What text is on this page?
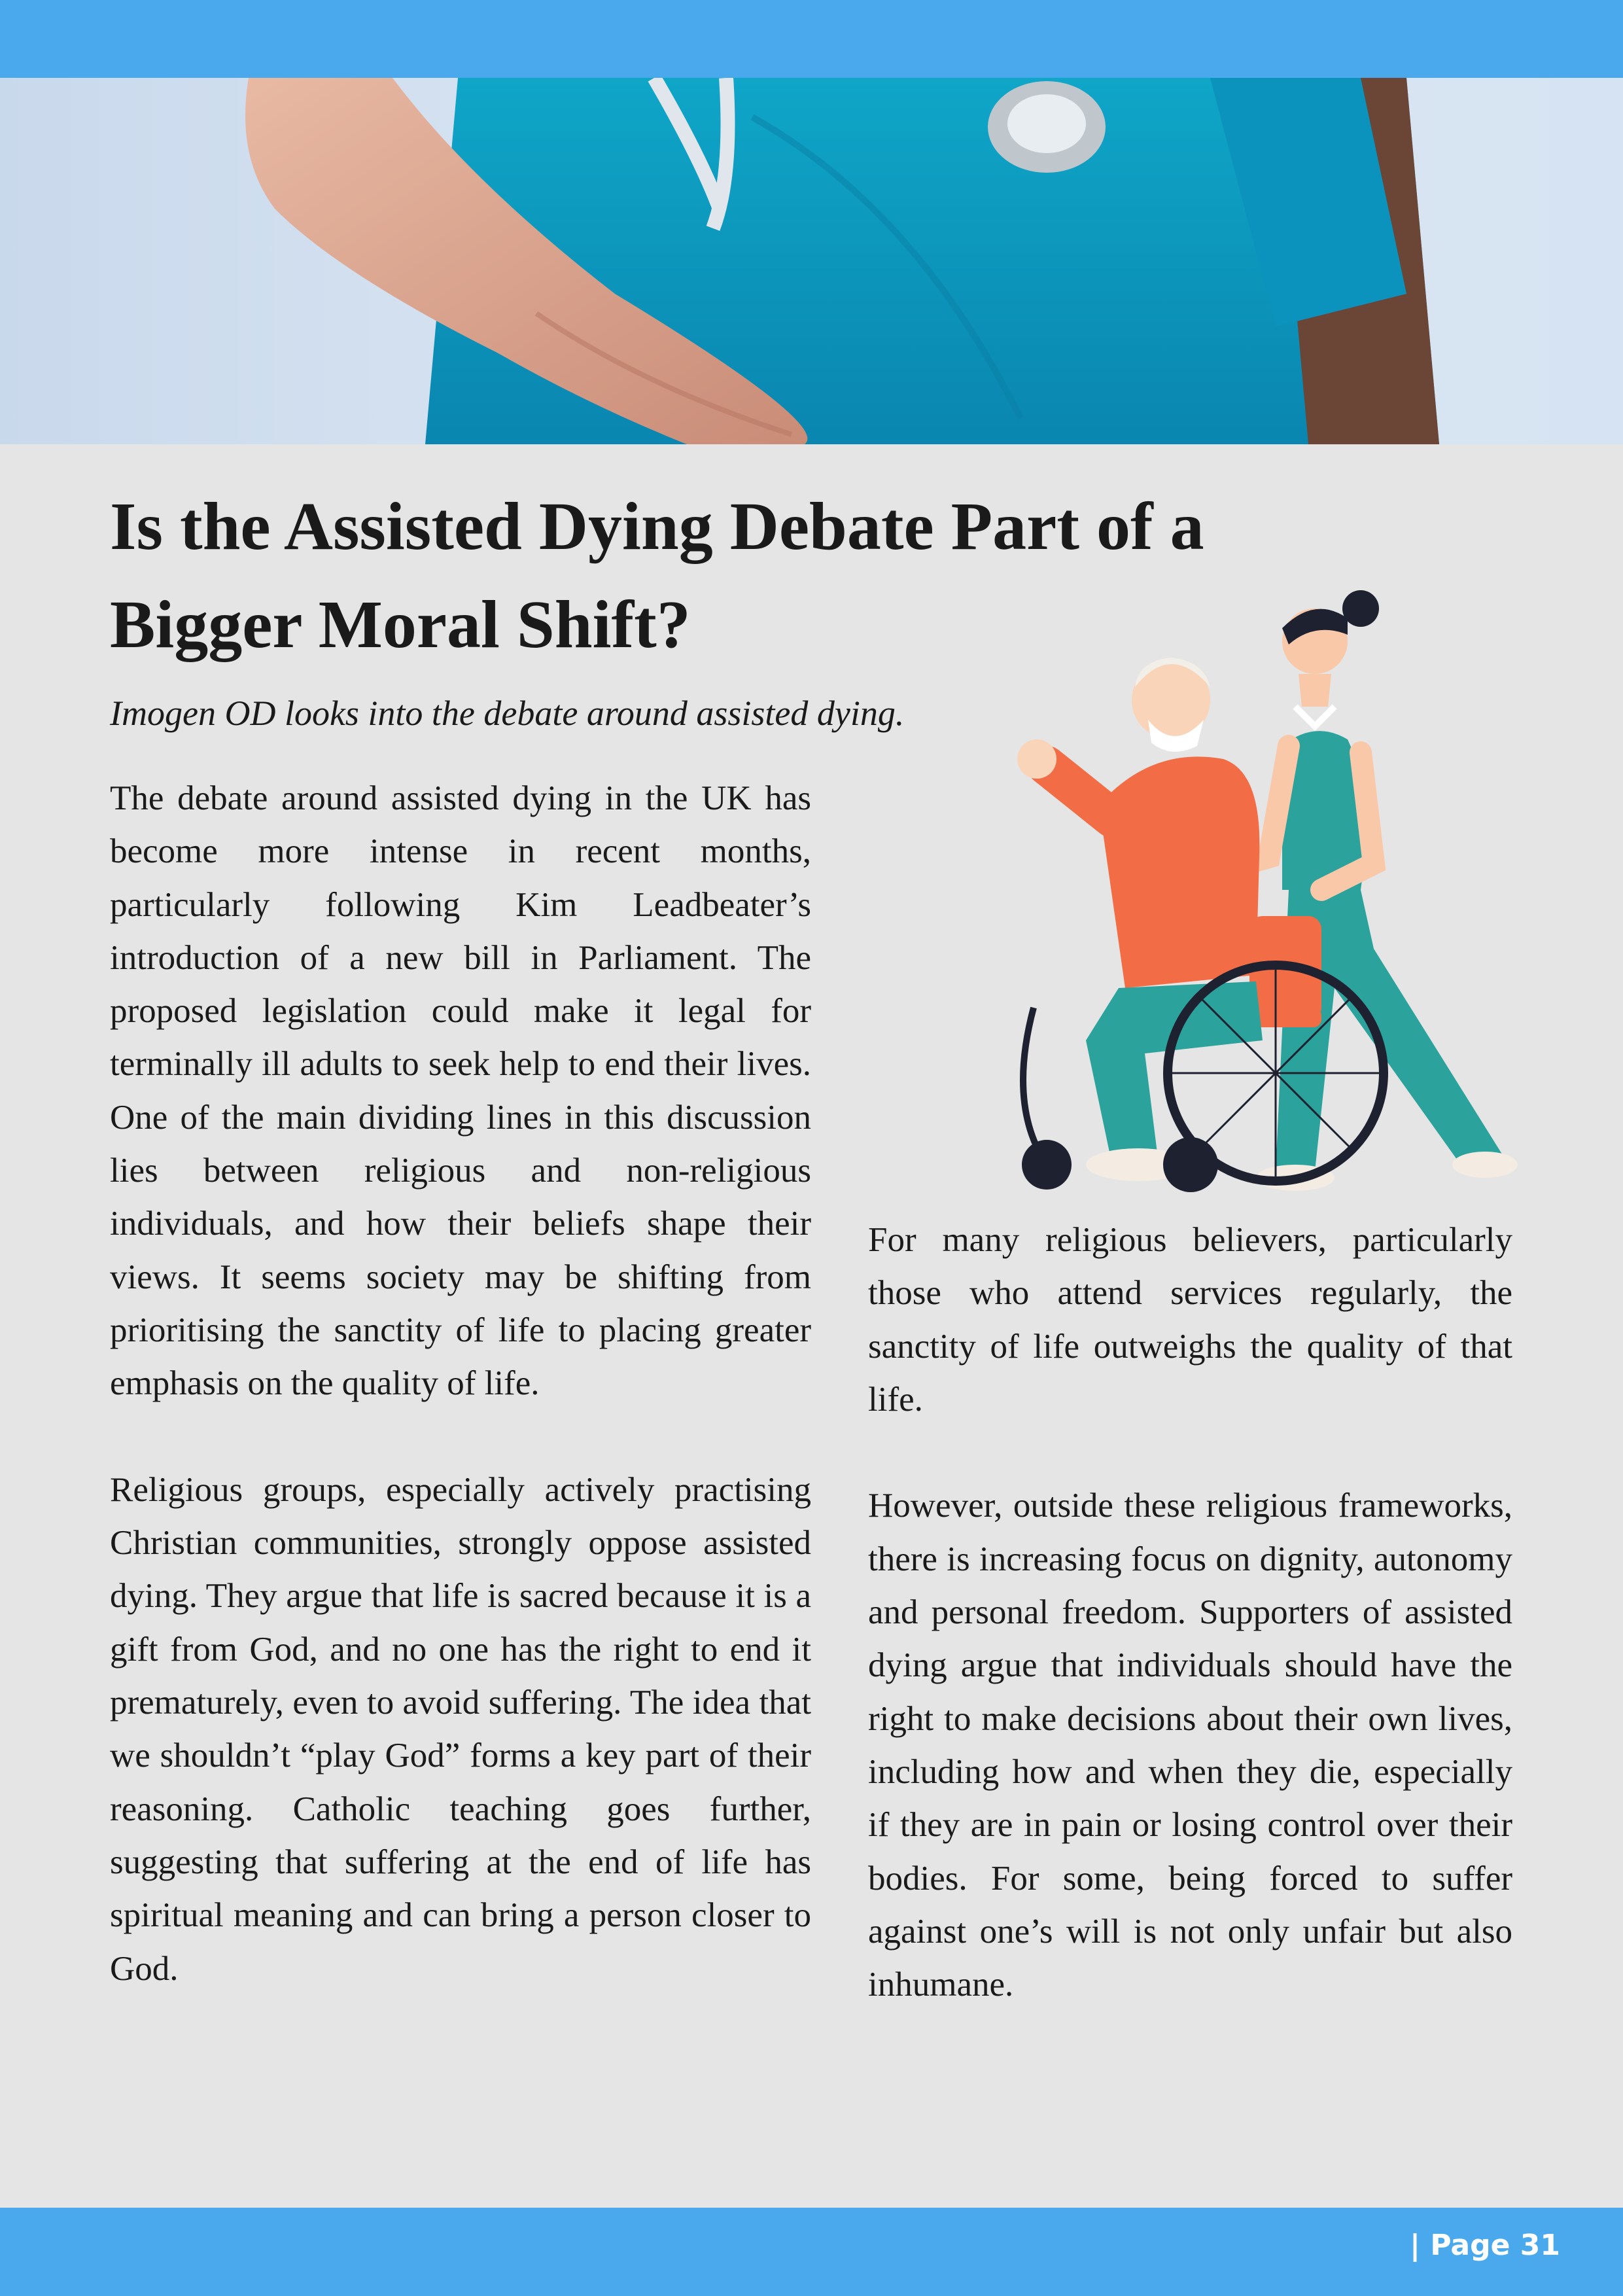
Is the Assisted Dying Debate Part of a Bigger Moral Shift?

Imogen OD looks into the debate around assisted dying.

The debate around assisted dying in the UK has become more intense in recent months, particularly following Kim Leadbeater’s introduction of a new bill in Parliament. The proposed legislation could make it legal for terminally ill adults to seek help to end their lives. One of the main dividing lines in this discussion lies between religious and non-religious individuals, and how their beliefs shape their views. It seems society may be shifting from prioritising the sanctity of life to placing greater emphasis on the quality of life.

Religious groups, especially actively practising Christian communities, strongly oppose assisted dying. They argue that life is sacred because it is a gift from God, and no one has the right to end it prematurely, even to avoid suffering. The idea that we shouldn’t “play God” forms a key part of their reasoning. Catholic teaching goes further, suggesting that suffering at the end of life has spiritual meaning and can bring a person closer to God.

For many religious believers, particularly those who attend services regularly, the sanctity of life outweighs the quality of that life.

However, outside these religious frameworks, there is increasing focus on dignity, autonomy and personal freedom. Supporters of assisted dying argue that individuals should have the right to make decisions about their own lives, including how and when they die, especially if they are in pain or losing control over their bodies. For some, being forced to suffer against one’s will is not only unfair but also inhumane.

| Page 31
